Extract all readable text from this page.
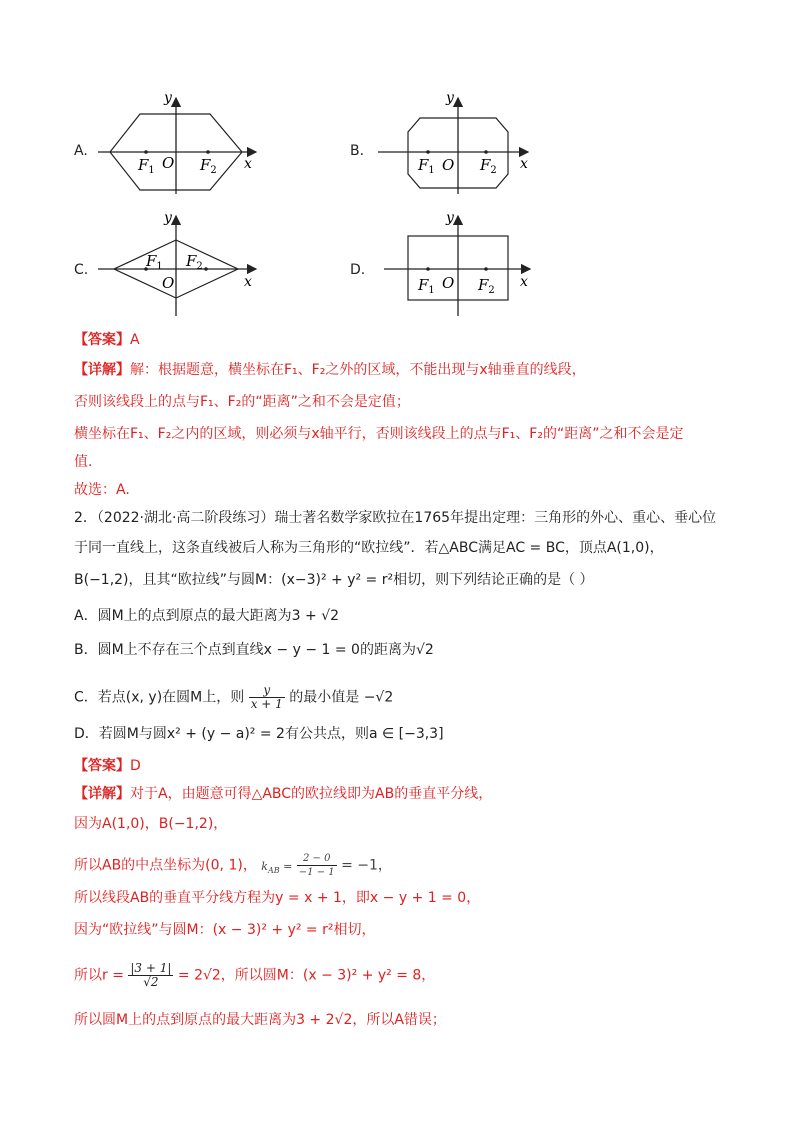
A.
y
x
O
$F_1$	$F_2$
B.
y
x
O
$F_1$	$F_2$
C.
y
x
O
$F_1$ $F_2$	D.
y
x
O
$F_1$	$F_2$
【答案】A
【详解】解：根据题意，横坐标在F₁、F₂之外的区域，不能出现与x轴垂直的线段，
否则该线段上的点与F₁、F₂的“距离”之和不会是定值；
横坐标在F₁、F₂之内的区域，则必须与x轴平行，否则该线段上的点与F₁、F₂的“距离”之和不会是定
值.
故选：A.
2．（2022·湖北·高二阶段练习）瑞士著名数学家欧拉在1765年提出定理：三角形的外心、重心、垂心位
于同一直线上，这条直线被后人称为三角形的“欧拉线”．若△ABC满足AC = BC，顶点A(1,0)，
B(−1,2)，且其“欧拉线”与圆M：(x−3)² + y² = r²相切，则下列结论正确的是（ ）
A．圆M上的点到原点的最大距离为3 + √2
B．圆M上不存在三个点到直线x − y − 1 = 0的距离为√2
C．若点(x, y)在圆M上，则 $\frac{y}{x + 1}$ 的最小值是 −√2
D．若圆M与圆x² + (y − a)² = 2有公共点，则a ∈ [−3,3]
【答案】D
【详解】对于A，由题意可得△ABC的欧拉线即为AB的垂直平分线，
因为A(1,0)，B(−1,2)，
所以AB的中点坐标为(0, 1)， $k_{AB} = \frac{2 - 0}{-1 - 1} = -1$，
所以线段AB的垂直平分线方程为y = x + 1，即x − y + 1 = 0，
因为“欧拉线”与圆M：(x − 3)² + y² = r²相切，
所以$r = \frac{|3 + 1|}{√2} = 2√2$，所以圆M：(x − 3)² + y² = 8，
所以圆M上的点到原点的最大距离为3 + 2√2，所以A错误；
